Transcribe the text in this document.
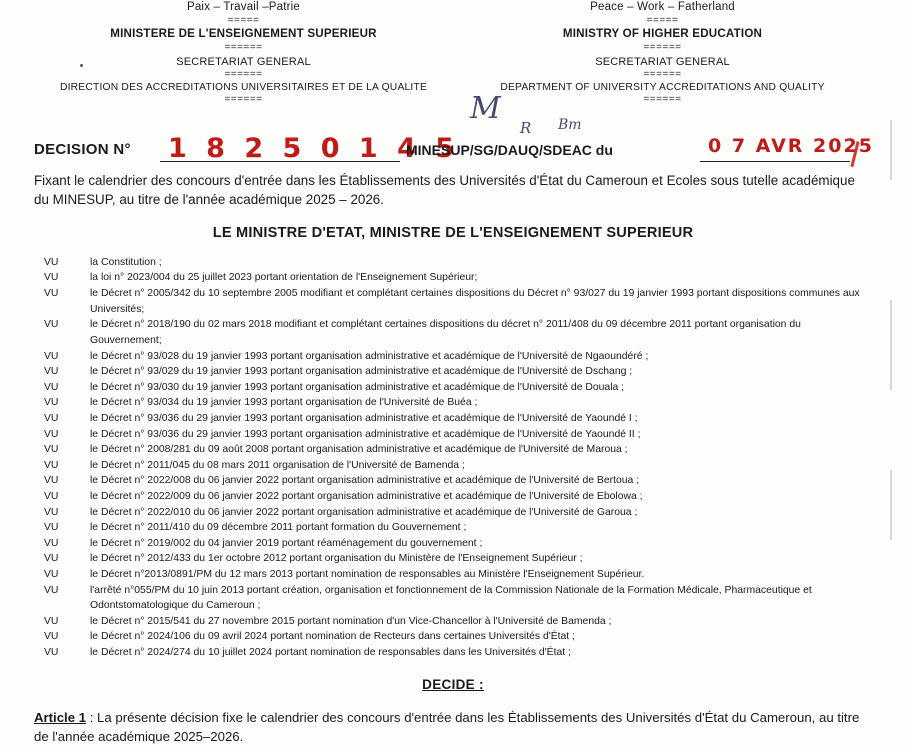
Paix – Travail –Patrie
=====
MINISTERE DE L'ENSEIGNEMENT SUPERIEUR
======
SECRETARIAT GENERAL
======
DIRECTION DES ACCREDITATIONS UNIVERSITAIRES ET DE LA QUALITE
======
Peace – Work – Fatherland
=====
MINISTRY OF HIGHER EDUCATION
======
SECRETARIAT GENERAL
======
DEPARTMENT OF UNIVERSITY ACCREDITATIONS AND QUALITY
======
M
R Bm
DECISION N° 1 8 2 5 0 1 4 5
MINESUP/SG/DAUQ/SDEAC du	0 7 AVR 2025
Fixant le calendrier des concours d'entrée dans les Établissements des Universités d'État du Cameroun et Ecoles sous tutelle académique du MINESUP, au titre de l'année académique 2025 – 2026.
LE MINISTRE D'ETAT, MINISTRE DE L'ENSEIGNEMENT SUPERIEUR
VU	la Constitution ;
VU	la loi n° 2023/004 du 25 juillet 2023 portant orientation de l'Enseignement Supérieur;
VU	le Décret n° 2005/342 du 10 septembre 2005 modifiant et complétant certaines dispositions du Décret n° 93/027 du 19 janvier 1993 portant dispositions communes aux Universités;
VU	le Décret n° 2018/190 du 02 mars 2018 modifiant et complétant certaines dispositions du décret n° 2011/408 du 09 décembre 2011 portant organisation du Gouvernement;
VU	le Décret n° 93/028 du 19 janvier 1993 portant organisation administrative et académique de l'Université de Ngaoundéré ;
VU	le Décret n° 93/029 du 19 janvier 1993 portant organisation administrative et académique de l'Université de Dschang ;
VU	le Décret n° 93/030 du 19 janvier 1993 portant organisation administrative et académique de l'Université de Douala ;
VU	le Décret n° 93/034 du 19 janvier 1993 portant organisation de l'Université de Buéa ;
VU	le Décret n° 93/036 du 29 janvier 1993 portant organisation administrative et académique de l'Université de Yaoundé I ;
VU	le Décret n° 93/036 du 29 janvier 1993 portant organisation administrative et académique de l'Université de Yaoundé II ;
VU	le Décret n° 2008/281 du 09 août 2008 portant organisation administrative et académique de l'Université de Maroua ;
VU	le Décret n° 2011/045 du 08 mars 2011 organisation de l'Université de Bamenda ;
VU	le Décret n° 2022/008 du 06 janvier 2022 portant organisation administrative et académique de l'Université de Bertoua ;
VU	le Décret n° 2022/009 du 06 janvier 2022 portant organisation administrative et académique de l'Université de Ebolowa ;
VU	le Décret n° 2022/010 du 06 janvier 2022 portant organisation administrative et académique de l'Université de Garoua ;
VU	le Décret n° 2011/410 du 09 décembre 2011 portant formation du Gouvernement ;
VU	le Décret n° 2019/002 du 04 janvier 2019 portant réaménagement du gouvernement ;
VU	le Décret n° 2012/433 du 1er octobre 2012 portant organisation du Ministère de l'Enseignement Supérieur ;
VU	le Décret n°2013/0891/PM du 12 mars 2013 portant nomination de responsables au Ministère l'Enseignement Supérieur.
VU	l'arrêté n°055/PM du 10 juin 2013 portant création, organisation et fonctionnement de la Commission Nationale de la Formation Médicale, Pharmaceutique et Odontstomatologique du Cameroun ;
VU	le Décret n° 2015/541 du 27 novembre 2015 portant nomination d'un Vice-Chancellor à l'Université de Bamenda ;
VU	le Décret n° 2024/106 du 09 avril 2024 portant nomination de Recteurs dans certaines Universités d'État ;
VU	le Décret n° 2024/274 du 10 juillet 2024 portant nomination de responsables dans les Universités d'État ;
DECIDE :
Article 1 : La présente décision fixe le calendrier des concours d'entrée dans les Établissements des Universités d'État du Cameroun, au titre de l'année académique 2025–2026.
